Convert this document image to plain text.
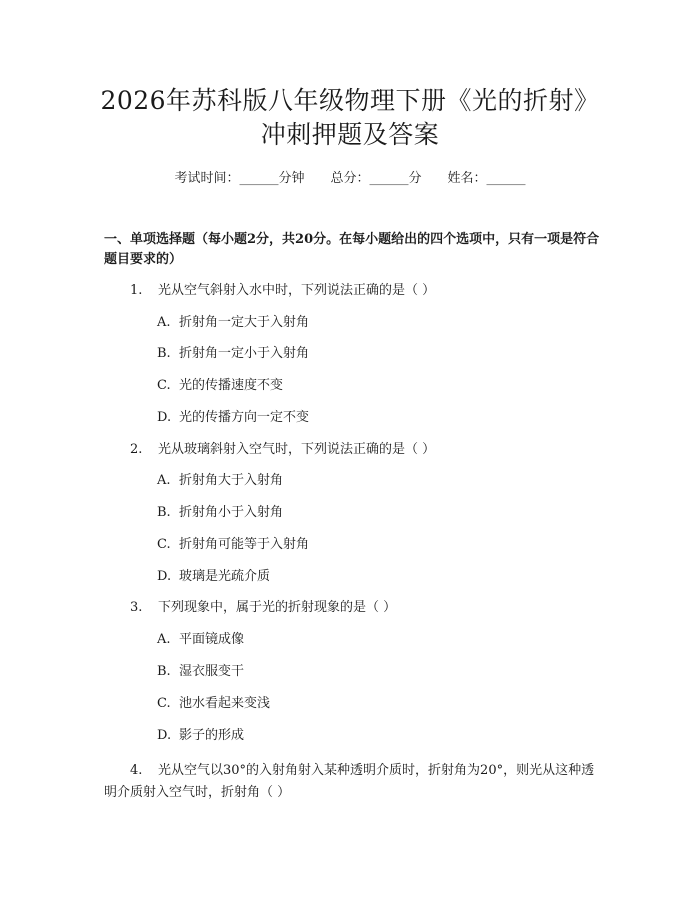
2026年苏科版八年级物理下册《光的折射》
冲刺押题及答案
考试时间：______分钟 总分：______分 姓名：______
一、单项选择题（每小题2分，共20分。在每小题给出的四个选项中，只有一项是符合题目要求的）
1. 光从空气斜射入水中时，下列说法正确的是（ ）
A. 折射角一定大于入射角
B. 折射角一定小于入射角
C. 光的传播速度不变
D. 光的传播方向一定不变
2. 光从玻璃斜射入空气时，下列说法正确的是（ ）
A. 折射角大于入射角
B. 折射角小于入射角
C. 折射角可能等于入射角
D. 玻璃是光疏介质
3. 下列现象中，属于光的折射现象的是（ ）
A. 平面镜成像
B. 湿衣服变干
C. 池水看起来变浅
D. 影子的形成
4. 光从空气以30°的入射角射入某种透明介质时，折射角为20°，则光从这种透明介质射入空气时，折射角（ ）
